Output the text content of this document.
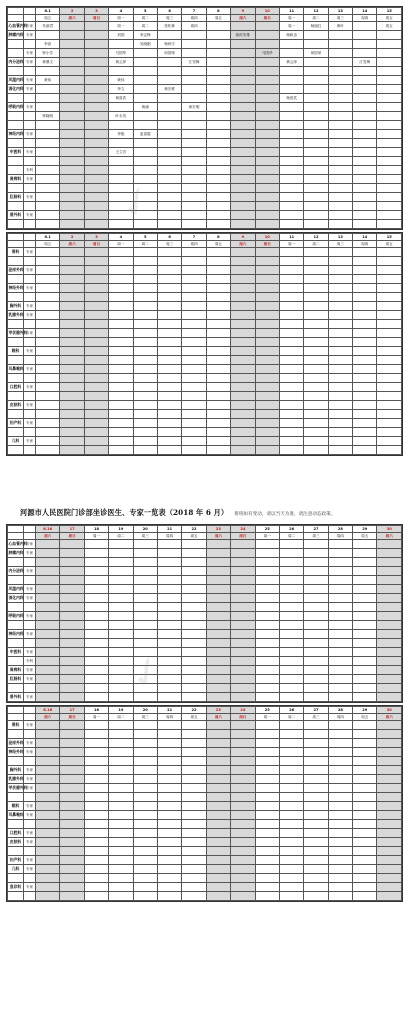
		6.1	2	3	4	5	6	7	8	9	10	11	12	13	14	15
		周五	周六	周日	周一	周二	周三	周四	周五	周六	周日	周一	周二	周三	周四	周五
心血管内科	专家	朱淑君			周一	周二	张松林	周四				周一	杨丽红	黄叶		周五
肿瘤内科	专家				刘国	李志锋				临时安排		杨和忠				
		李高				吴晓刚	杨秋宇									
	专家	钟小芳			马国华		何国荣				马国华		何国荣			
内分泌科	专家	黄鼎文			黄云萍			江雪梅				黄云萍			江雪梅	

风湿内科	专家	黄伟			黄伟											
消化内科	专家				李文		黄宏彬									
					杨爱武							杨爱武				
呼吸内科	专家					黄涌		黄宏明								
		钟晓明			叶永英											

神经内科	专家				李艳	蓝春霞										

中医科	专家				王立芳											

	专科															
肾病科	专家															

肛肠科	专家															

普外科	专家															

		6.1	2	3	4	5	6	7	8	9	10	11	12	13	14	15
		周五	周六	周日	周一	周二	周三	周四	周五	周六	周日	周一	周二	周三	周四	周五
骨科	专家															

泌尿外科	专家															

神经外科	专家															

胸外科	专家															
乳腺外科	专家															

甲状腺外科	专家															

眼科	专家															

耳鼻喉科	专家															

口腔科	专家															

皮肤科	专家															

妇产科	专家															

儿科	专家															

河源市人民医院门诊部坐诊医生、专家一览表（2018 年 6 月） 排班如有变动，请以当天为准，请注意动态政策。
		6.16	17	18	19	20	21	22	23	24	25	26	27	28	29	30
		周六	周日	周一	周二	周三	周四	周五	周六	周日	周一	周二	周三	周四	周五	周六
心血管内科	专家															
肿瘤内科	专家															

内分泌科	专家															

风湿内科	专家															
消化内科	专家															

呼吸内科	专家															

神经内科	专家															

中医科	专家															
	专科															
肾病科	专家															
肛肠科	专家															

普外科	专家															
		6.16	17	18	19	20	21	22	23	24	25	26	27	28	29	30
		周六	周日	周一	周二	周三	周四	周五	周六	周日	周一	周二	周三	周四	周五	周六
骨科	专家															

泌尿外科	专家															
神经外科	专家															

胸外科	专家															
乳腺外科	专家															
甲状腺外科	专家															

眼科	专家															
耳鼻喉科	专家															

口腔科	专家															
皮肤科	专家															

妇产科	专家															
儿科	专家															

急诊科	专家															

✓
✓
